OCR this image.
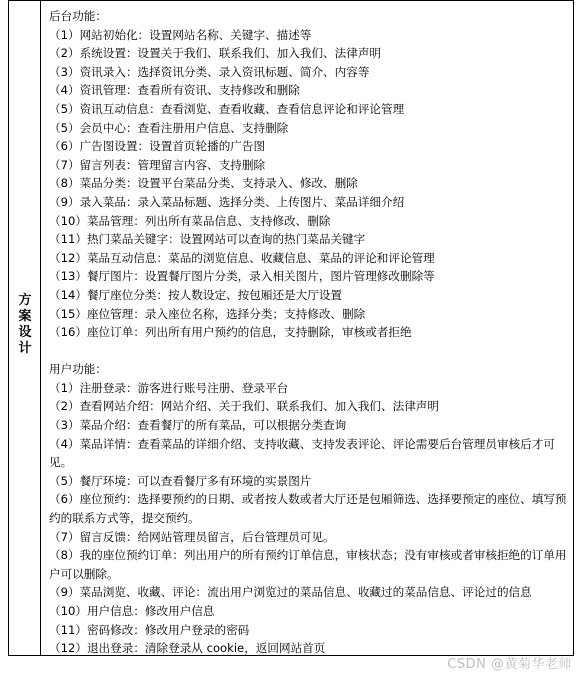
方
案
设
计
后台功能：
（1）网站初始化：设置网站名称、关键字、描述等
（2）系统设置：设置关于我们、联系我们、加入我们、法律声明
（3）资讯录入：选择资讯分类、录入资讯标题、简介、内容等
（4）资讯管理：查看所有资讯、支持修改和删除
（5）资讯互动信息：查看浏览、查看收藏、查看信息评论和评论管理
（5）会员中心：查看注册用户信息、支持删除
（6）广告图设置：设置首页轮播的广告图
（7）留言列表：管理留言内容、支持删除
（8）菜品分类：设置平台菜品分类、支持录入、修改、删除
（9）录入菜品：录入菜品标题、选择分类、上传图片、菜品详细介绍
（10）菜品管理：列出所有菜品信息、支持修改、删除
（11）热门菜品关键字：设置网站可以查询的热门菜品关键字
（12）菜品互动信息：菜品的浏览信息、收藏信息、菜品的评论和评论管理
（13）餐厅图片：设置餐厅图片分类，录入相关图片，图片管理修改删除等
（14）餐厅座位分类：按人数设定、按包厢还是大厅设置
（15）座位管理：录入座位名称，选择分类；支持修改、删除
（16）座位订单：列出所有用户预约的信息，支持删除，审核或者拒绝
用户功能：
（1）注册登录：游客进行账号注册、登录平台
（2）查看网站介绍：网站介绍、关于我们、联系我们、加入我们、法律声明
（3）菜品介绍：查看餐厅的所有菜品，可以根据分类查询
（4）菜品详情：查看菜品的详细介绍、支持收藏、支持发表评论、评论需要后台管理员审核后才可见。
（5）餐厅环境：可以查看餐厅多有环境的实景图片
（6）座位预约：选择要预约的日期、或者按人数或者大厅还是包厢筛选、选择要预定的座位、填写预约的联系方式等，提交预约。
（7）留言反馈：给网站管理员留言，后台管理员可见。
（8）我的座位预约订单：列出用户的所有预约订单信息，审核状态；没有审核或者审核拒绝的订单用户可以删除。
（9）菜品浏览、收藏、评论：流出用户浏览过的菜品信息、收藏过的菜品信息、评论过的信息
（10）用户信息：修改用户信息
（11）密码修改：修改用户登录的密码
（12）退出登录：清除登录从 cookie，返回网站首页
CSDN @黄菊华老师
